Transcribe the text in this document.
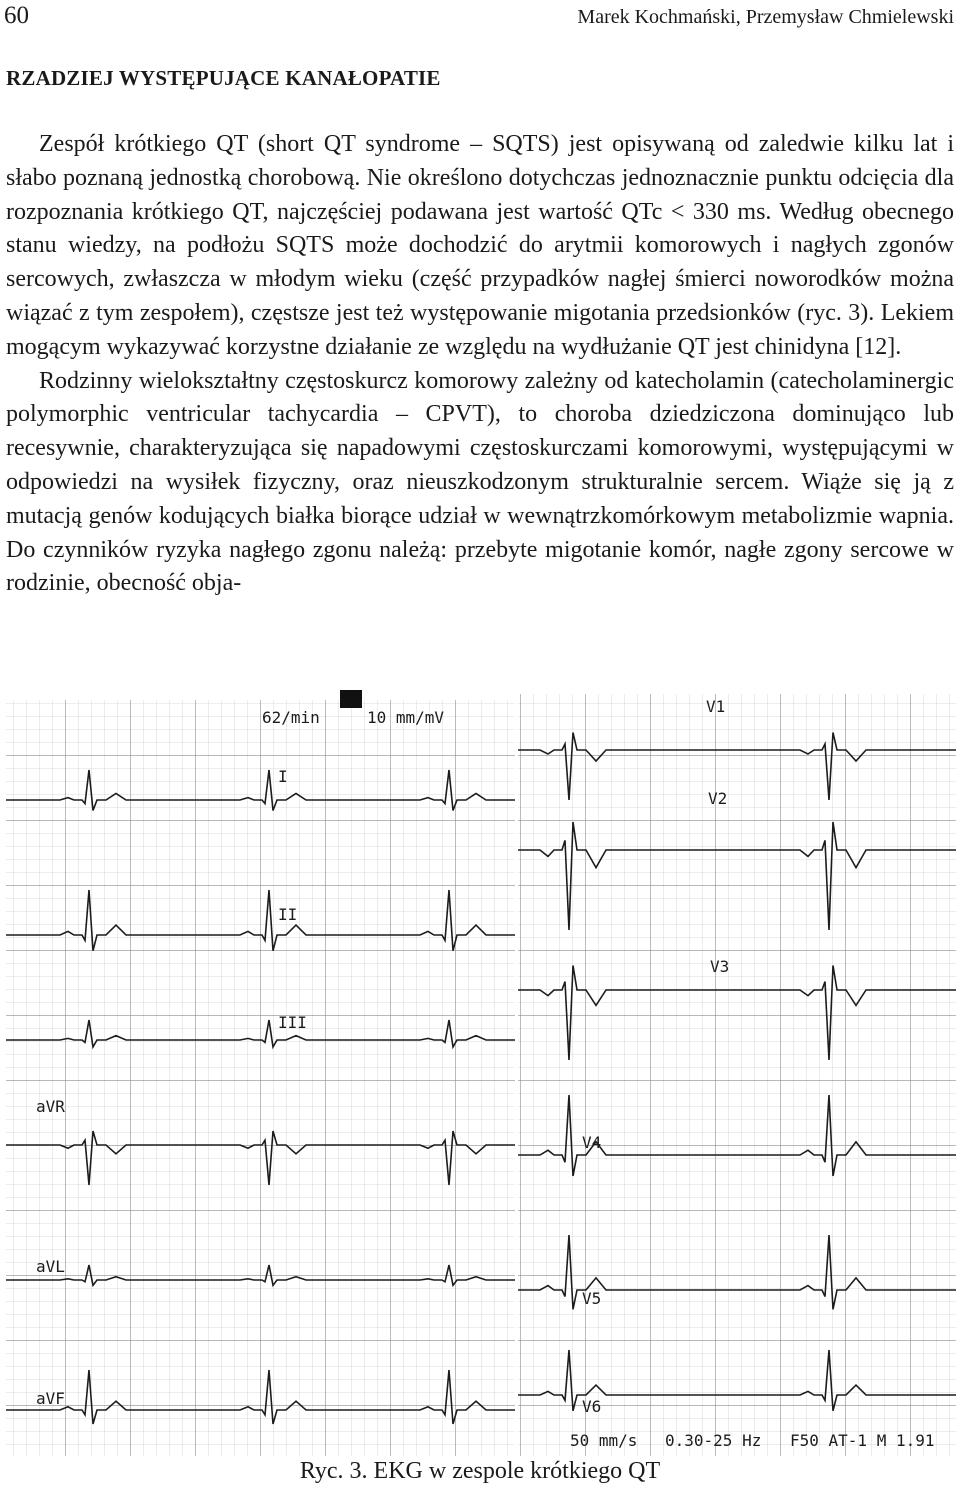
60	Marek Kochmański, Przemysław Chmielewski
RZADZIEJ WYSTĘPUJĄCE KANAŁOPATIE

Zespół krótkiego QT (short QT syndrome – SQTS) jest opisywaną od zaledwie kilku lat i słabo poznaną jednostką chorobową. Nie określono dotychczas jednoznacznie punktu odcięcia dla rozpoznania krótkiego QT, najczęściej podawana jest wartość QTc < 330 ms. Według obecnego stanu wiedzy, na podłożu SQTS może dochodzić do arytmii komorowych i nagłych zgonów sercowych, zwłaszcza w młodym wieku (część przypadków nagłej śmierci noworodków można wiązać z tym zespołem), częstsze jest też występowanie migotania przedsionków (ryc. 3). Lekiem mogącym wykazywać korzystne działanie ze względu na wydłużanie QT jest chinidyna [12].

Rodzinny wielokształtny częstoskurcz komorowy zależny od katecholamin (catecholaminergic polymorphic ventricular tachycardia – CPVT), to choroba dziedziczona dominująco lub recesywnie, charakteryzująca się napadowymi częstoskurczami komorowymi, występującymi w odpowiedzi na wysiłek fizyczny, oraz nieuszkodzonym strukturalnie sercem. Wiąże się ją z mutacją genów kodujących białka biorące udział w wewnątrzkomórkowym metabolizmie wapnia. Do czynników ryzyka nagłego zgonu należą: przebyte migotanie komór, nagłe zgony sercowe w rodzinie, obecność obja-

62/min	10 mm/mV
I
II
III
aVR
aVL
aVF
V1
V2
V3
V4
V5
V6
50 mm/s 0.30-25 Hz F50 AT-1 M 1.91
Ryc. 3. EKG w zespole krótkiego QT
